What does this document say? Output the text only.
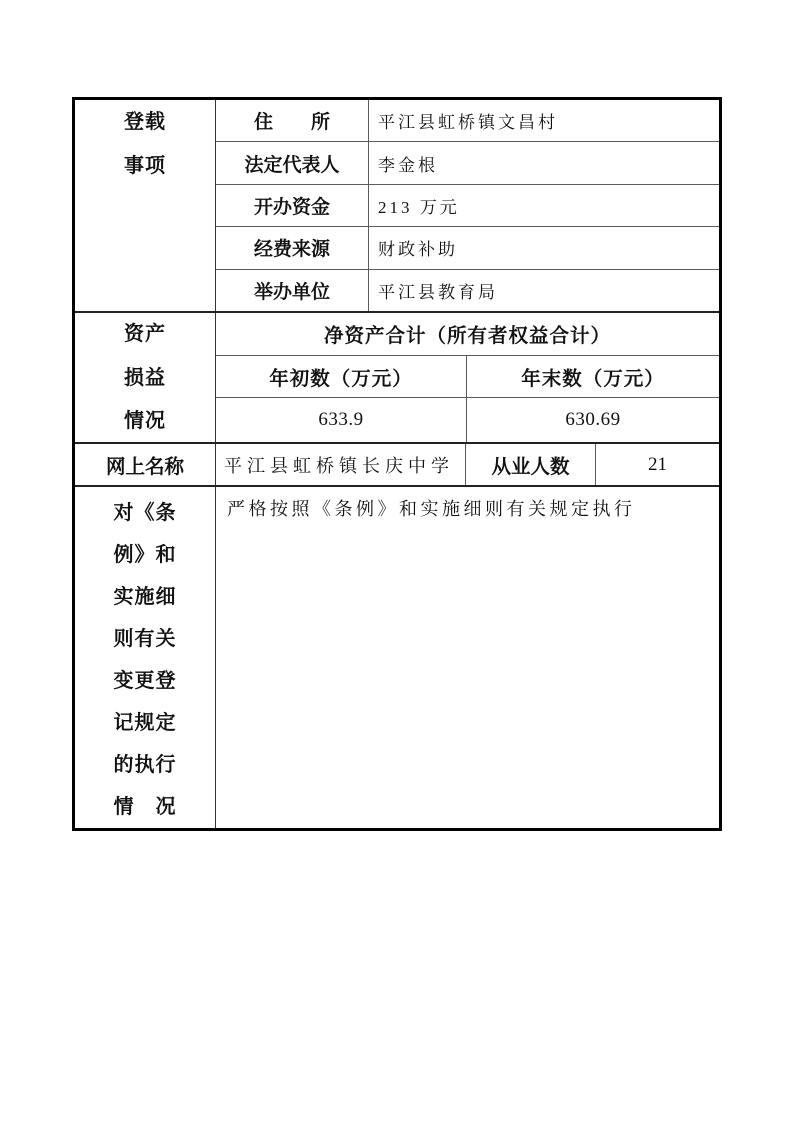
登载
事项
住　　所	平江县虹桥镇文昌村
法定代表人	李金根
开办资金	213 万元
经费来源	财政补助
举办单位	平江县教育局
资产
损益
情况
净资产合计（所有者权益合计）
年初数（万元）	年末数（万元）
633.9	630.69
网上名称	平江县虹桥镇长庆中学	从业人数	21
对《条
例》和
实施细
则有关
变更登
记规定
的执行
情　况
严格按照《条例》和实施细则有关规定执行
